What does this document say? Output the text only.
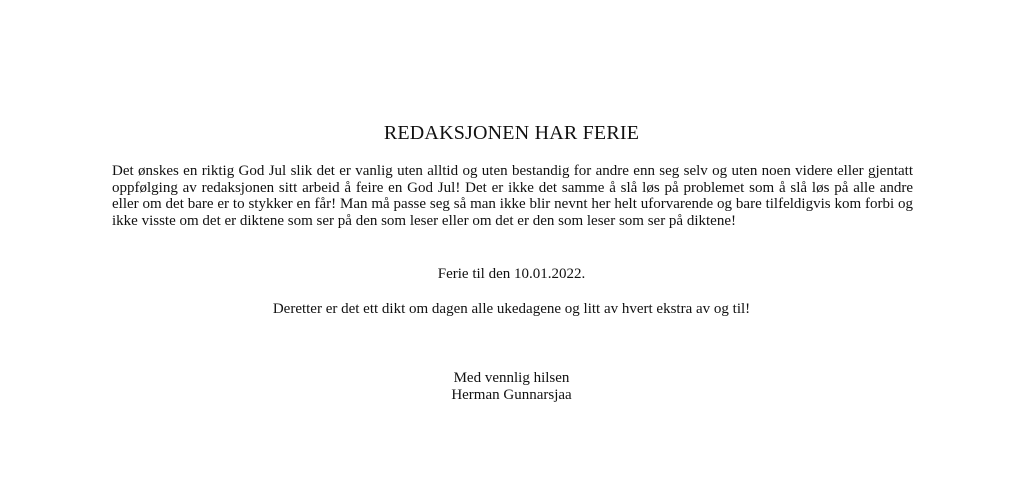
REDAKSJONEN HAR FERIE

Det ønskes en riktig God Jul slik det er vanlig uten alltid og uten bestandig for andre enn seg selv og uten noen videre eller gjentatt oppfølging av redaksjonen sitt arbeid å feire en God Jul! Det er ikke det samme å slå løs på problemet som å slå løs på alle andre eller om det bare er to stykker en får! Man må passe seg så man ikke blir nevnt her helt uforvarende og bare tilfeldigvis kom forbi og ikke visste om det er diktene som ser på den som leser eller om det er den som leser som ser på diktene!

Ferie til den 10.01.2022.

Deretter er det ett dikt om dagen alle ukedagene og litt av hvert ekstra av og til!

Med vennlig hilsen

Herman Gunnarsjaa
